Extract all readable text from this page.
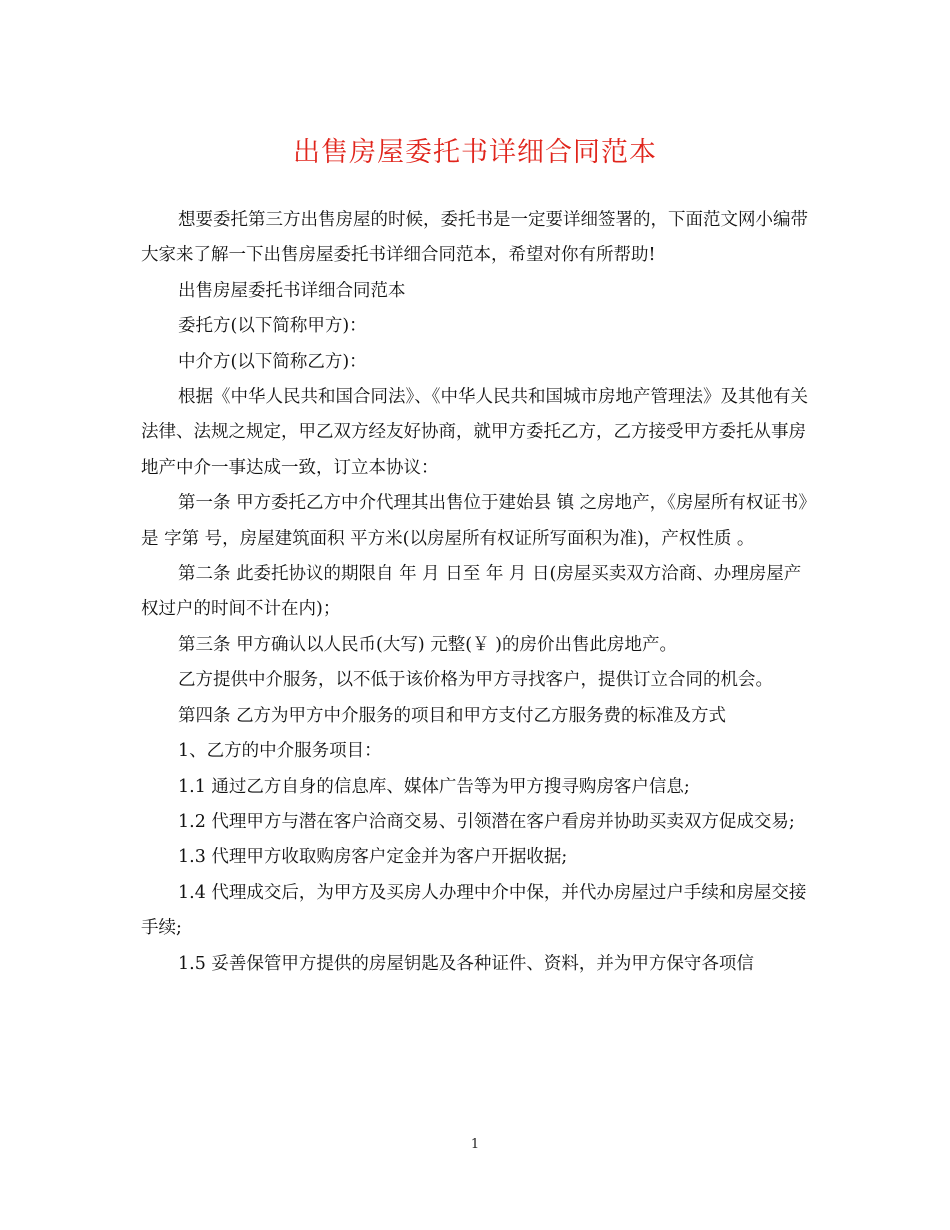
出售房屋委托书详细合同范本

想要委托第三方出售房屋的时候，委托书是一定要详细签署的，下面范文网小编带大家来了解一下出售房屋委托书详细合同范本，希望对你有所帮助!

出售房屋委托书详细合同范本

委托方(以下简称甲方)：

中介方(以下简称乙方)：

根据《中华人民共和国合同法》、《中华人民共和国城市房地产管理法》及其他有关法律、法规之规定，甲乙双方经友好协商，就甲方委托乙方，乙方接受甲方委托从事房地产中介一事达成一致，订立本协议：

第一条 甲方委托乙方中介代理其出售位于建始县 镇 之房地产，《房屋所有权证书》是 字第 号，房屋建筑面积 平方米(以房屋所有权证所写面积为准)，产权性质 。

第二条 此委托协议的期限自 年 月 日至 年 月 日(房屋买卖双方洽商、办理房屋产权过户的时间不计在内)；

第三条 甲方确认以人民币(大写) 元整(￥ )的房价出售此房地产。

乙方提供中介服务，以不低于该价格为甲方寻找客户，提供订立合同的机会。

第四条 乙方为甲方中介服务的项目和甲方支付乙方服务费的标准及方式

1、乙方的中介服务项目：

1.1 通过乙方自身的信息库、媒体广告等为甲方搜寻购房客户信息;

1.2 代理甲方与潜在客户洽商交易、引领潜在客户看房并协助买卖双方促成交易;

1.3 代理甲方收取购房客户定金并为客户开据收据;

1.4 代理成交后，为甲方及买房人办理中介中保，并代办房屋过户手续和房屋交接手续;

1.5 妥善保管甲方提供的房屋钥匙及各种证件、资料，并为甲方保守各项信

1
